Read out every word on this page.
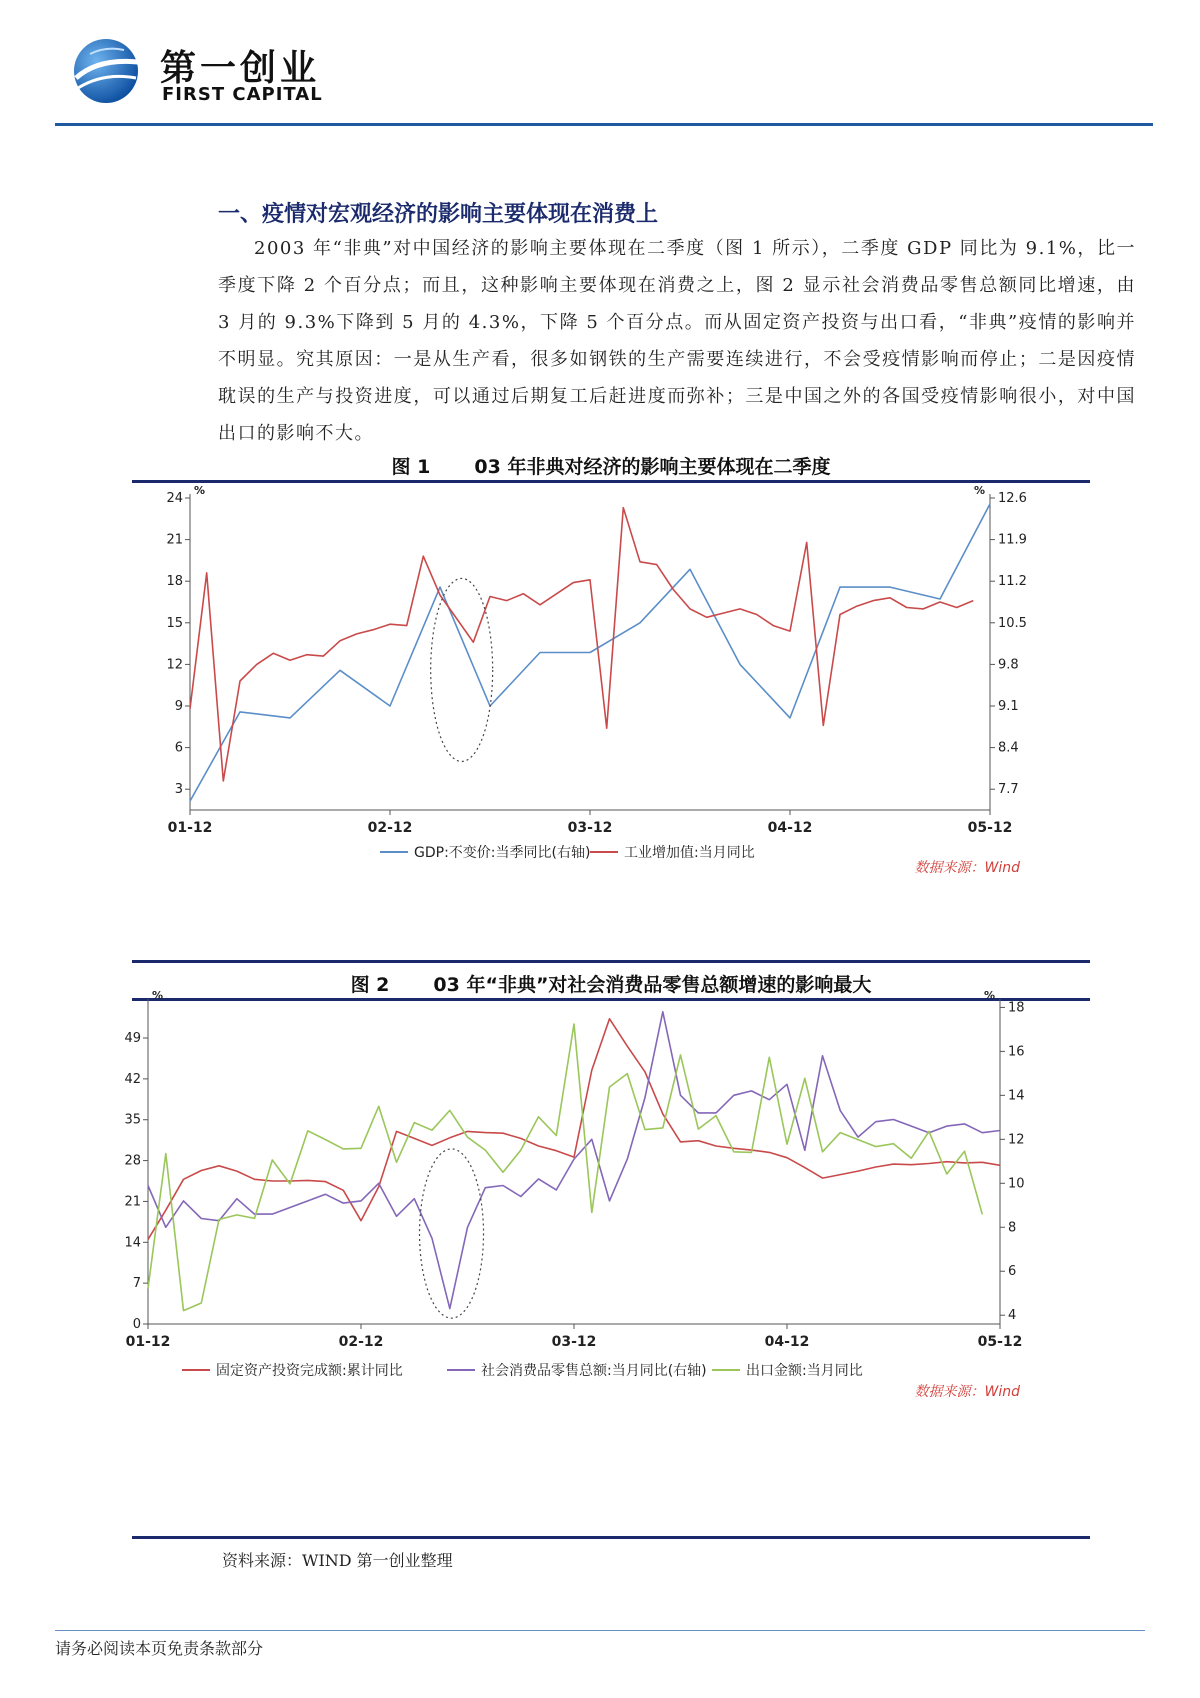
第一创业
FIRST CAPITAL
一、疫情对宏观经济的影响主要体现在消费上

2003 年“非典”对中国经济的影响主要体现在二季度（图 1 所示），二季度 GDP 同比为 9.1%，比一季度下降 2 个百分点；而且，这种影响主要体现在消费之上，图 2 显示社会消费品零售总额同比增速，由 3 月的 9.3%下降到 5 月的 4.3%，下降 5 个百分点。而从固定资产投资与出口看，“非典”疫情的影响并不明显。究其原因：一是从生产看，很多如钢铁的生产需要连续进行，不会受疫情影响而停止；二是因疫情耽误的生产与投资进度，可以通过后期复工后赶进度而弥补；三是中国之外的各国受疫情影响很小，对中国出口的影响不大。

图 1 03 年非典对经济的影响主要体现在二季度
%	%
3
6
9
12
15
18
21
24
7.7
8.4
9.1
9.8
10.5
11.2
11.9
12.6
01-12	02-12	03-12	04-12	05-12
GDP:不变价:当季同比(右轴) 工业增加值:当月同比
数据来源：Wind
图 2 03 年“非典”对社会消费品零售总额增速的影响最大
%	%
0
7
14
21
28
35
42
49
4
6
8
10
12
14
16
18
01-12	02-12	03-12	04-12	05-12
固定资产投资完成额:累计同比	社会消费品零售总额:当月同比(右轴)	出口金额:当月同比
数据来源：Wind
资料来源：WIND 第一创业整理
请务必阅读本页免责条款部分
